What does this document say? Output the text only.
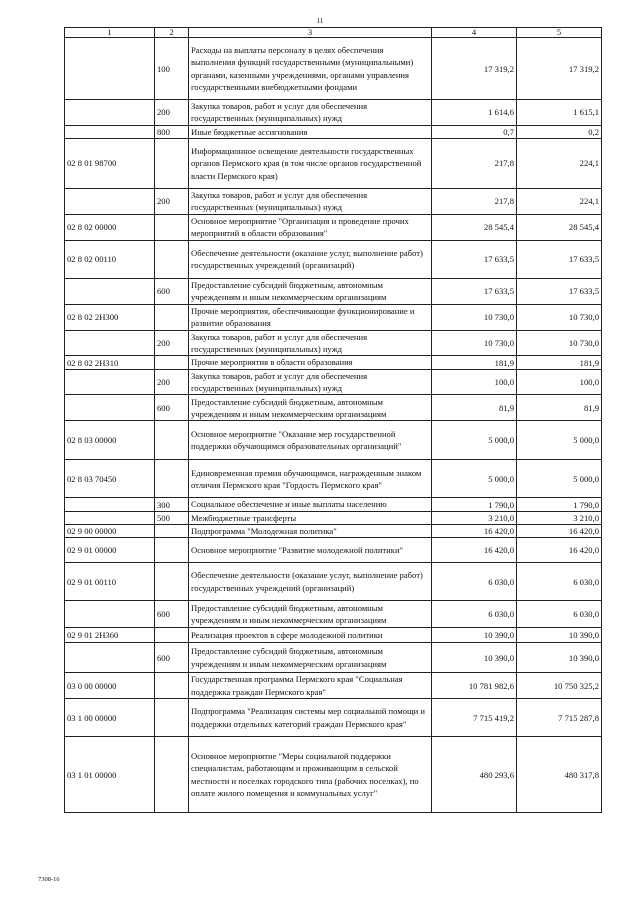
11
1	2	3	4	5
	100	Расходы на выплаты персоналу в целях обеспечения выполнения функций государственными (муниципальными) органами, казенными учреждениями, органами управления государственными внебюджетными фондами	17 319,2	17 319,2
	200	Закупка товаров, работ и услуг для обеспечения государственных (муниципальных) нужд	1 614,6	1 615,1
	800	Иные бюджетные ассигнования	0,7	0,2
02 8 01 98700		Информационное освещение деятельности государственных органов Пермского края (в том числе органов государственной власти Пермского края)	217,8	224,1
	200	Закупка товаров, работ и услуг для обеспечения государственных (муниципальных) нужд	217,8	224,1
02 8 02 00000		Основное мероприятие "Организация и проведение прочих мероприятий в области образования"	28 545,4	28 545,4
02 8 02 00110		Обеспечение деятельности (оказание услуг, выполнение работ) государственных учреждений (организаций)	17 633,5	17 633,5
	600	Предоставление субсидий бюджетным, автономным учреждениям и иным некоммерческим организациям	17 633,5	17 633,5
02 8 02 2Н300		Прочие мероприятия, обеспечивающие функционирование и развитие образования	10 730,0	10 730,0
	200	Закупка товаров, работ и услуг для обеспечения государственных (муниципальных) нужд	10 730,0	10 730,0
02 8 02 2Н310		Прочие мероприятия в области образования	181,9	181,9
	200	Закупка товаров, работ и услуг для обеспечения государственных (муниципальных) нужд	100,0	100,0
	600	Предоставление субсидий бюджетным, автономным учреждениям и иным некоммерческим организациям	81,9	81,9
02 8 03 00000		Основное мероприятие "Оказание мер государственной поддержки обучающимся образовательных организаций"	5 000,0	5 000,0
02 8 03 70450		Единовременная премия обучающимся, награжденным знаком отличия Пермского края "Гордость Пермского края"	5 000,0	5 000,0
	300	Социальное обеспечение и иные выплаты населению	1 790,0	1 790,0
	500	Межбюджетные трансферты	3 210,0	3 210,0
02 9 00 00000		Подпрограмма "Молодежная политика"	16 420,0	16 420,0
02 9 01 00000		Основное мероприятие "Развитие молодежной политики"	16 420,0	16 420,0
02 9 01 00110		Обеспечение деятельности (оказание услуг, выполнение работ) государственных учреждений (организаций)	6 030,0	6 030,0
	600	Предоставление субсидий бюджетным, автономным учреждениям и иным некоммерческим организациям	6 030,0	6 030,0
02 9 01 2Н360		Реализация проектов в сфере молодежной политики	10 390,0	10 390,0
	600	Предоставление субсидий бюджетным, автономным учреждениям и иным некоммерческим организациям	10 390,0	10 390,0
03 0 00 00000		Государственная программа Пермского края "Социальная поддержка граждан Пермского края"	10 781 982,6	10 750 325,2
03 1 00 00000		Подпрограмма "Реализация системы мер социальной помощи и поддержки отдельных категорий граждан Пермского края"	7 715 419,2	7 715 287,8
03 1 01 00000		Основное мероприятие "Меры социальной поддержки специалистам, работающим и проживающим в сельской местности и поселках городского типа (рабочих поселках), по оплате жилого помещения и коммунальных услуг"	480 293,6	480 317,8
7308-16
